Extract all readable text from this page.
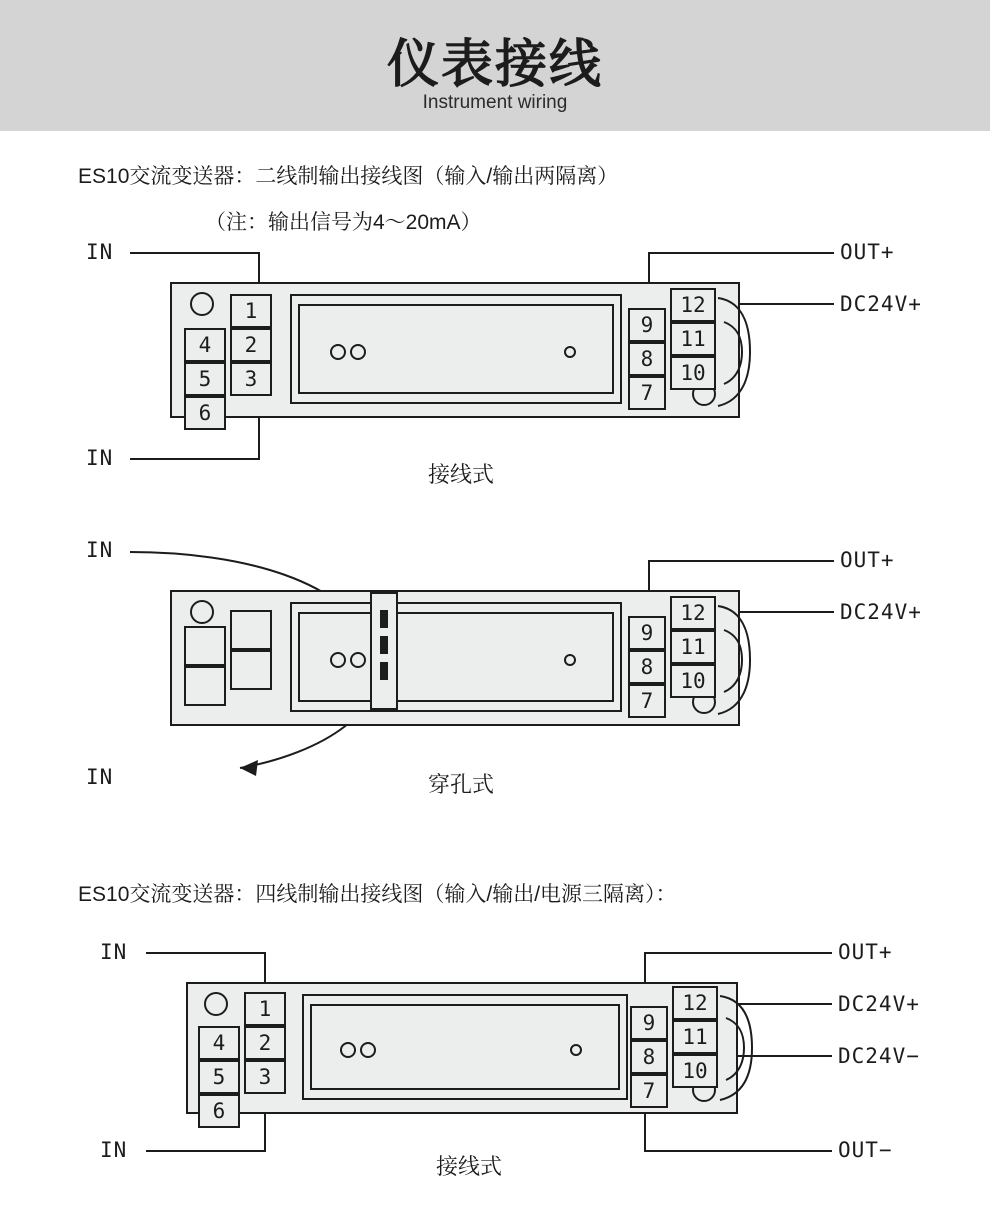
仪表接线
Instrument wiring
ES10交流变送器：二线制输出接线图（输入/输出两隔离）
（注：输出信号为4～20mA）
IN
IN
OUT+
DC24V+
4
5
6
1
2
3
9
8
7
12
11
10
接线式
IN
IN
OUT+
DC24V+
9
8
7
12
11
10
穿孔式
ES10交流变送器：四线制输出接线图（输入/输出/电源三隔离）：
IN
IN
OUT+
DC24V+
DC24V−
OUT−
4
5
6
1
2
3
9
8
7
12
11
10
接线式
